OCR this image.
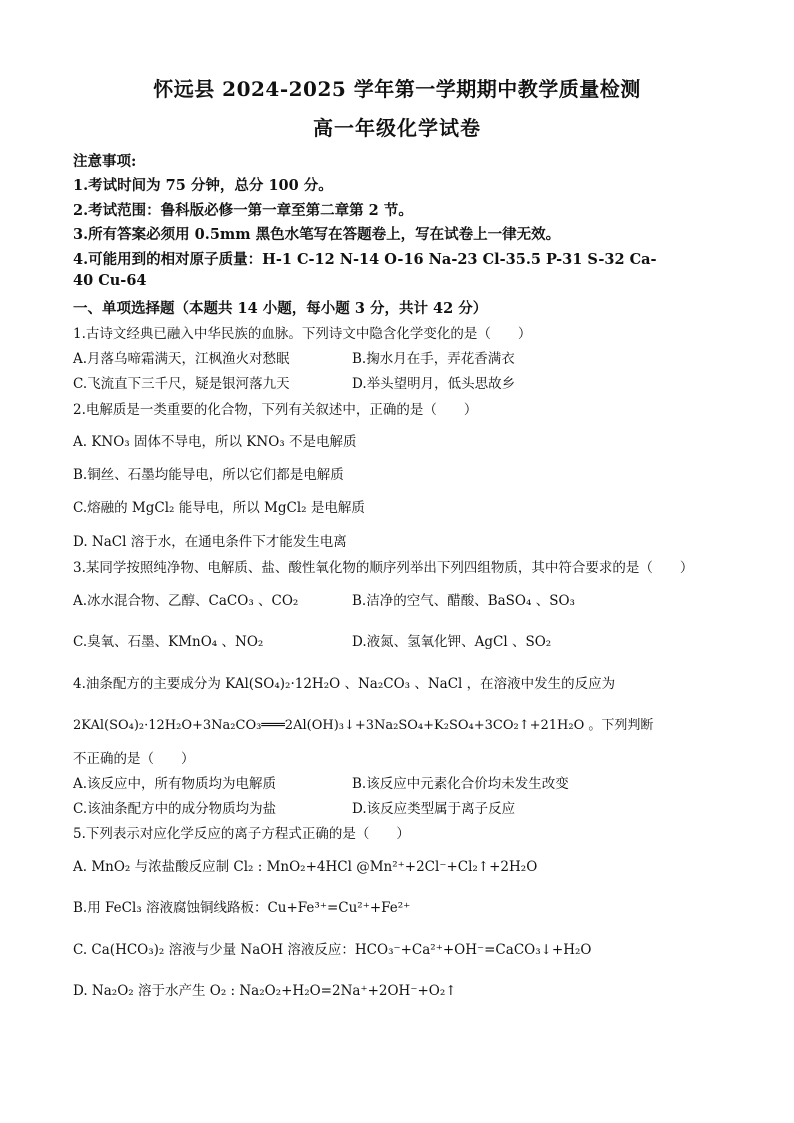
怀远县 2024-2025 学年第一学期期中教学质量检测
高一年级化学试卷
注意事项:
1.考试时间为 75 分钟，总分 100 分。
2.考试范围：鲁科版必修一第一章至第二章第 2 节。
3.所有答案必须用 0.5mm 黑色水笔写在答题卷上，写在试卷上一律无效。
4.可能用到的相对原子质量：H-1 C-12 N-14 O-16 Na-23 Cl-35.5 P-31 S-32 Ca-
40 Cu-64
一、单项选择题（本题共 14 小题，每小题 3 分，共计 42 分）
1.古诗文经典已融入中华民族的血脉。下列诗文中隐含化学变化的是（　　）
A.月落乌啼霜满天，江枫渔火对愁眠	B.掬水月在手，弄花香满衣
C.飞流直下三千尺，疑是银河落九天	D.举头望明月，低头思故乡
2.电解质是一类重要的化合物，下列有关叙述中，正确的是（　　）
A. KNO₃ 固体不导电，所以 KNO₃ 不是电解质
B.铜丝、石墨均能导电，所以它们都是电解质
C.熔融的 MgCl₂ 能导电，所以 MgCl₂ 是电解质
D. NaCl 溶于水，在通电条件下才能发生电离
3.某同学按照纯净物、电解质、盐、酸性氧化物的顺序列举出下列四组物质，其中符合要求的是（　　）
A.冰水混合物、乙醇、CaCO₃ 、CO₂	B.洁净的空气、醋酸、BaSO₄ 、SO₃
C.臭氧、石墨、KMnO₄ 、NO₂	D.液氮、氢氧化钾、AgCl 、SO₂
4.油条配方的主要成分为 KAl(SO₄)₂·12H₂O 、Na₂CO₃ 、NaCl ，在溶液中发生的反应为
2KAl(SO₄)₂·12H₂O+3Na₂CO₃═══2Al(OH)₃↓+3Na₂SO₄+K₂SO₄+3CO₂↑+21H₂O 。下列判断
不正确的是（　　）
A.该反应中，所有物质均为电解质	B.该反应中元素化合价均未发生改变
C.该油条配方中的成分物质均为盐	D.该反应类型属于离子反应
5.下列表示对应化学反应的离子方程式正确的是（　　）
A. MnO₂ 与浓盐酸反应制 Cl₂ : MnO₂+4HCl @Mn²⁺+2Cl⁻+Cl₂↑+2H₂O
B.用 FeCl₃ 溶液腐蚀铜线路板：Cu+Fe³⁺=Cu²⁺+Fe²⁺
C. Ca(HCO₃)₂ 溶液与少量 NaOH 溶液反应：HCO₃⁻+Ca²⁺+OH⁻=CaCO₃↓+H₂O
D. Na₂O₂ 溶于水产生 O₂ : Na₂O₂+H₂O=2Na⁺+2OH⁻+O₂↑
